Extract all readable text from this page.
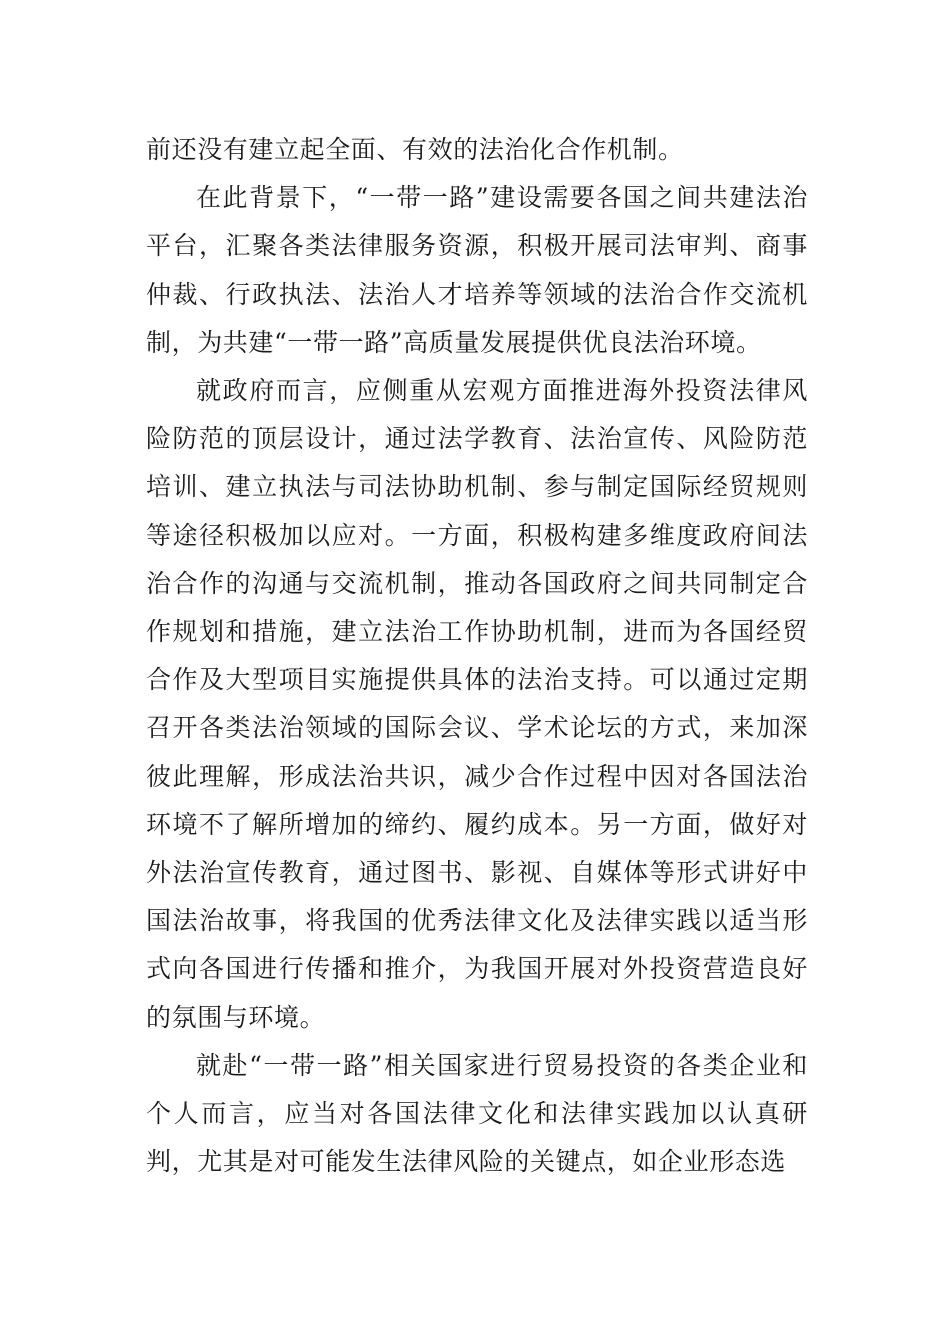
前还没有建立起全面、有效的法治化合作机制。

在此背景下，“一带一路”建设需要各国之间共建法治平台，汇聚各类法律服务资源，积极开展司法审判、商事仲裁、行政执法、法治人才培养等领域的法治合作交流机制，为共建“一带一路”高质量发展提供优良法治环境。

就政府而言，应侧重从宏观方面推进海外投资法律风险防范的顶层设计，通过法学教育、法治宣传、风险防范培训、建立执法与司法协助机制、参与制定国际经贸规则等途径积极加以应对。一方面，积极构建多维度政府间法治合作的沟通与交流机制，推动各国政府之间共同制定合作规划和措施，建立法治工作协助机制，进而为各国经贸合作及大型项目实施提供具体的法治支持。可以通过定期召开各类法治领域的国际会议、学术论坛的方式，来加深彼此理解，形成法治共识，减少合作过程中因对各国法治环境不了解所增加的缔约、履约成本。另一方面，做好对外法治宣传教育，通过图书、影视、自媒体等形式讲好中国法治故事，将我国的优秀法律文化及法律实践以适当形式向各国进行传播和推介，为我国开展对外投资营造良好的氛围与环境。

就赴“一带一路”相关国家进行贸易投资的各类企业和个人而言，应当对各国法律文化和法律实践加以认真研判，尤其是对可能发生法律风险的关键点，如企业形态选
